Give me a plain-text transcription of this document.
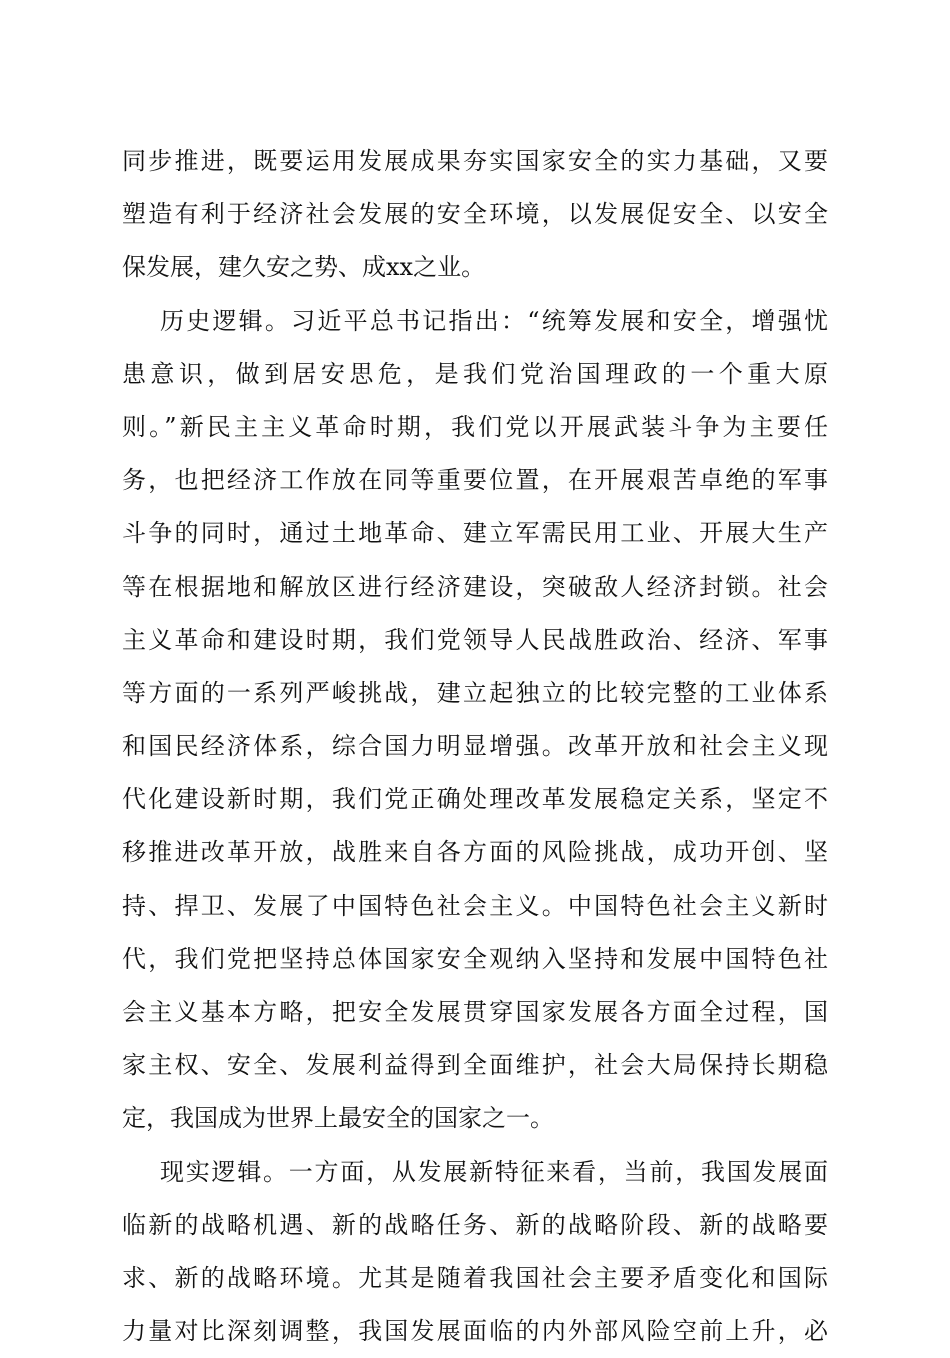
同步推进，既要运用发展成果夯实国家安全的实力基础，又要
塑造有利于经济社会发展的安全环境，以发展促安全、以安全
保发展，建久安之势、成xx之业。
历史逻辑。习近平总书记指出：“统筹发展和安全，增强忧
患意识，做到居安思危，是我们党治国理政的一个重大原
则。”新民主主义革命时期，我们党以开展武装斗争为主要任
务，也把经济工作放在同等重要位置，在开展艰苦卓绝的军事
斗争的同时，通过土地革命、建立军需民用工业、开展大生产
等在根据地和解放区进行经济建设，突破敌人经济封锁。社会
主义革命和建设时期，我们党领导人民战胜政治、经济、军事
等方面的一系列严峻挑战，建立起独立的比较完整的工业体系
和国民经济体系，综合国力明显增强。改革开放和社会主义现
代化建设新时期，我们党正确处理改革发展稳定关系，坚定不
移推进改革开放，战胜来自各方面的风险挑战，成功开创、坚
持、捍卫、发展了中国特色社会主义。中国特色社会主义新时
代，我们党把坚持总体国家安全观纳入坚持和发展中国特色社
会主义基本方略，把安全发展贯穿国家发展各方面全过程，国
家主权、安全、发展利益得到全面维护，社会大局保持长期稳
定，我国成为世界上最安全的国家之一。
现实逻辑。一方面，从发展新特征来看，当前，我国发展面
临新的战略机遇、新的战略任务、新的战略阶段、新的战略要
求、新的战略环境。尤其是随着我国社会主要矛盾变化和国际
力量对比深刻调整，我国发展面临的内外部风险空前上升，必
